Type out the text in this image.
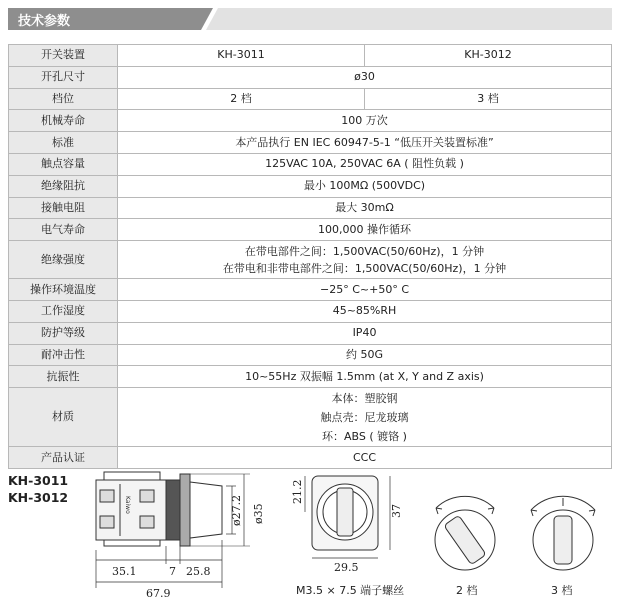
技术参数
开关装置	KH-3011	KH-3012
开孔尺寸	ø30	
档位	2 档	3 档
机械寿命	100 万次	
标准	本产品执行 EN IEC 60947-5-1 “低压开关装置标准”	
触点容量	125VAC 10A, 250VAC 6A ( 阻性负载 )	
绝缘阻抗	最小 100MΩ (500VDC)	
接触电阻	最大 30mΩ	
电气寿命	100,000 操作循环	
绝缘强度	在带电部件之间：1,500VAC(50/60Hz)，1 分钟
在带电和非带电部件之间：1,500VAC(50/60Hz)，1 分钟	

操作环境温度	−25° C~+50° C	
工作湿度	45~85%RH	
防护等级	IP40	
耐冲击性	约 50G	
抗振性	10~55Hz 双振幅 1.5mm (at X, Y and Z axis)	
材质	本体：塑胶钢
触点壳：尼龙玻璃
环：ABS ( 镀铬 )	

产品认证	CCC	
KH-3011
KH-3012	Kaiwo
35.1	7 25.8
67.9
ø27.2 ø35
21.2
37
29.5
M3.5 × 7.5 端子螺丝	2 档	3 档
